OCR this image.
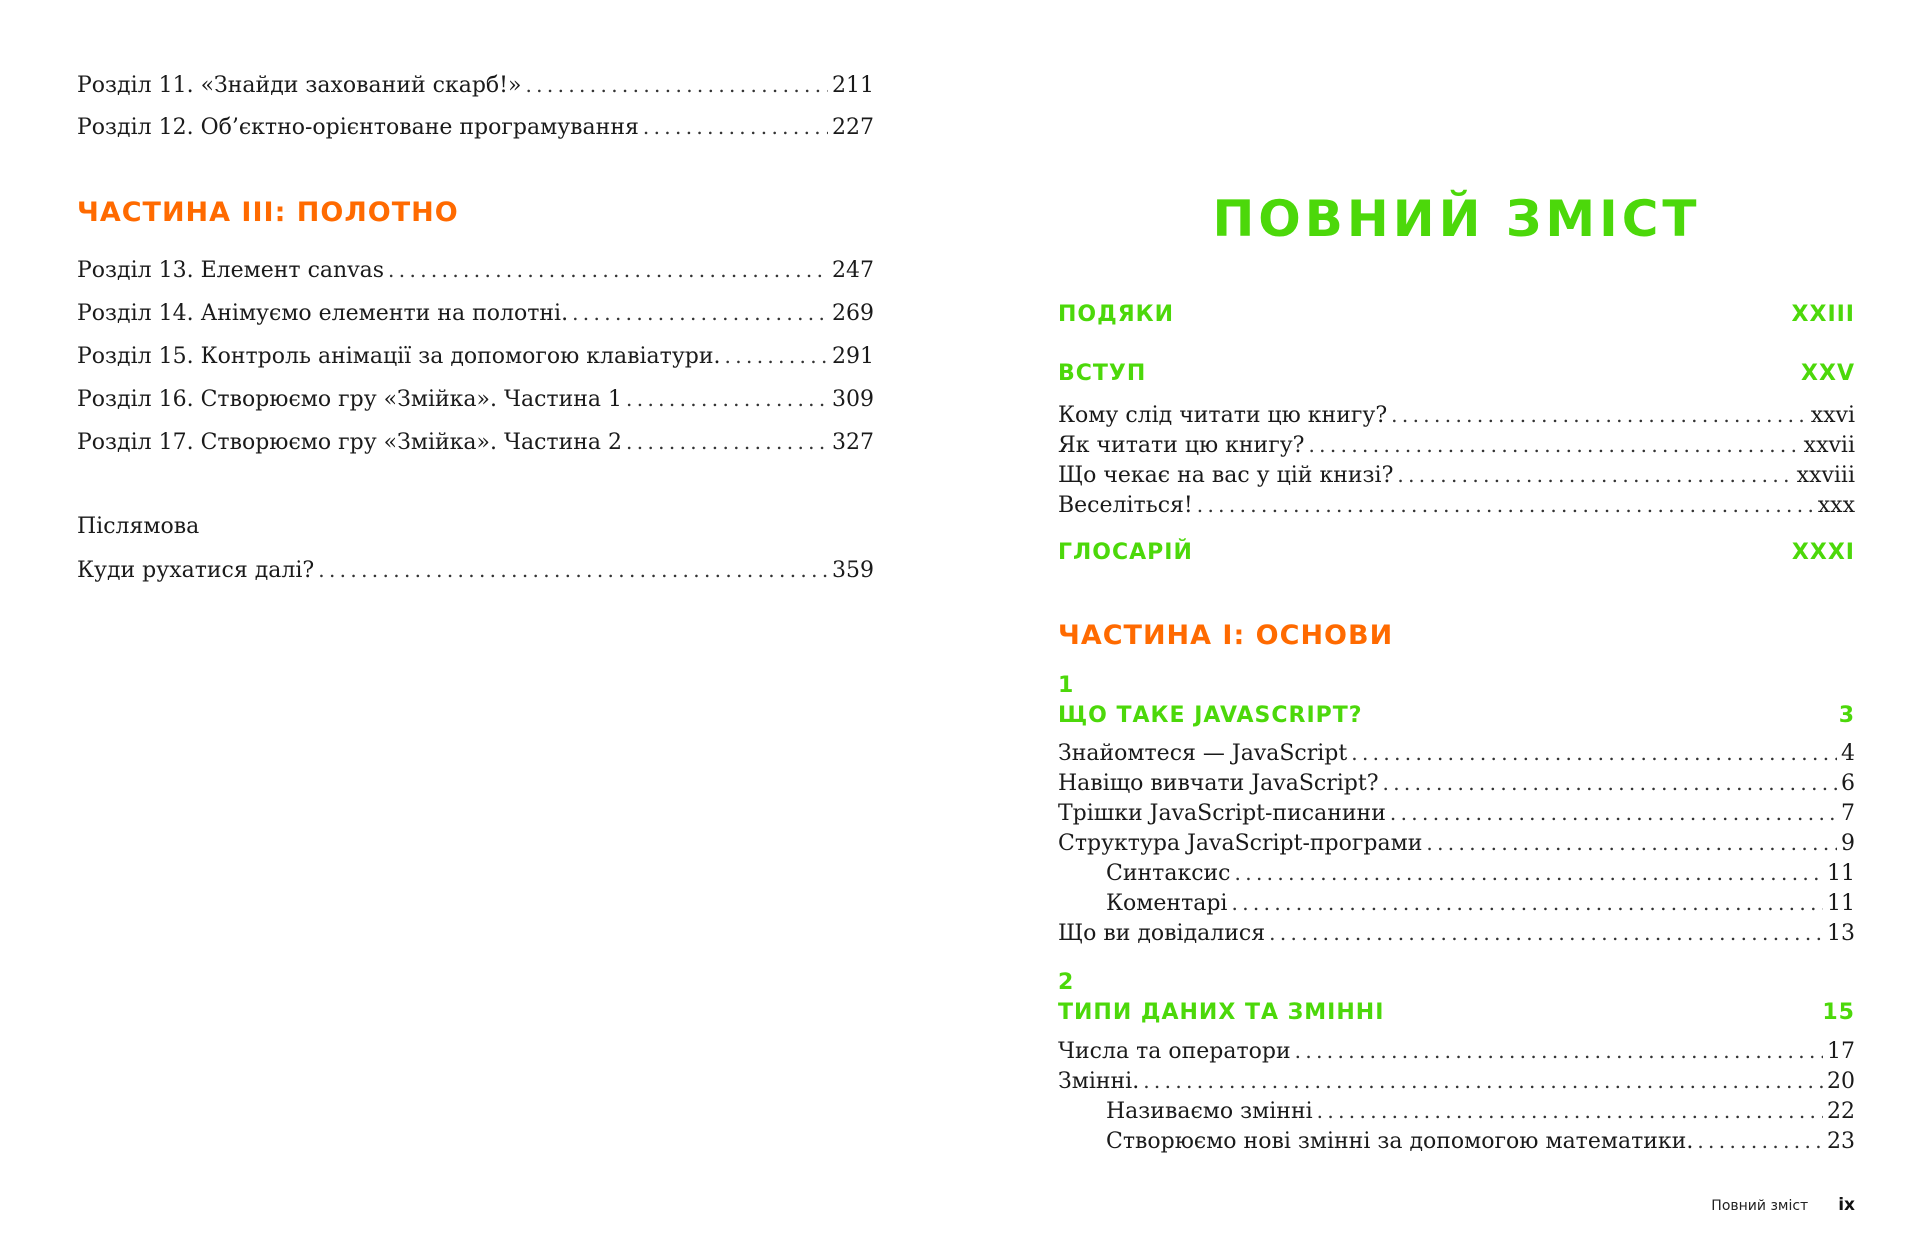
Розділ 11. «Знайди захований скарб!» . . .	211
Розділ 12. Об’єктно-орієнтоване програмування . . .	227
ЧАСТИНА III: ПОЛОТНО
Розділ 13. Елемент canvas . . .	247
Розділ 14. Анімуємо елементи на полотні. . . .	269
Розділ 15. Контроль анімації за допомогою клавіатури. . . .	291
Розділ 16. Створюємо гру «Змійка». Частина 1 . . .	309
Розділ 17. Створюємо гру «Змійка». Частина 2 . . .	327
Післямова
Куди рухатися далі? . . .	359
ПОВНИЙ ЗМІСТ
ПОДЯКИ	XXIII
ВСТУП	XXV
Кому слід читати цю книгу? . . .	xxvi
Як читати цю книгу? . . .	xxvii
Що чекає на вас у цій книзі? . . .	xxviii
Веселіться! . . .	xxx
ГЛОСАРІЙ	XXXI
ЧАСТИНА I: ОСНОВИ
1
ЩО ТАКЕ JAVASCRIPT?	3
Знайомтеся — JavaScript . . .	4
Навіщо вивчати JavaScript? . . .	6
Трішки JavaScript-писанини . . .	7
Структура JavaScript-програми . . .	9
Синтаксис . . .	11
Коментарі . . .	11
Що ви довідалися . . .	13
2
ТИПИ ДАНИХ ТА ЗМІННІ	15
Числа та оператори . . .	17
Змінні. . . .	20
Називаємо змінні . . .	22
Створюємо нові змінні за допомогою математики. . . .	23
Повний зміст ix
